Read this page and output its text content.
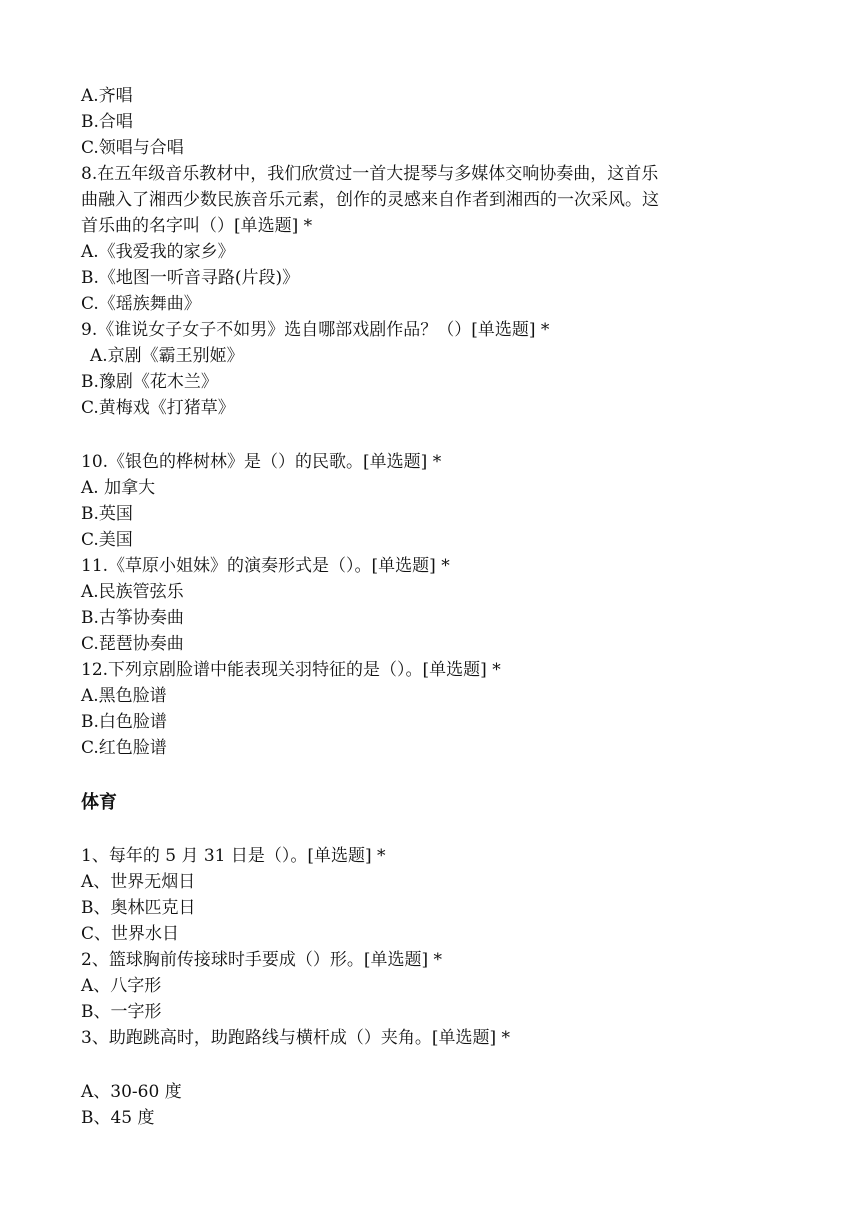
A.齐唱
B.合唱
C.领唱与合唱
8.在五年级音乐教材中，我们欣赏过一首大提琴与多媒体交响协奏曲，这首乐
曲融入了湘西少数民族音乐元素，创作的灵感来自作者到湘西的一次采风。这
首乐曲的名字叫（）[单选题] *
A.《我爱我的家乡》
B.《地图一听音寻路(片段)》
C.《瑶族舞曲》
9.《谁说女子女子不如男》选自哪部戏剧作品？（）[单选题] *
A.京剧《霸王别姬》
B.豫剧《花木兰》
C.黄梅戏《打猪草》
10.《银色的桦树林》是（）的民歌。[单选题] *
A. 加拿大
B.英国
C.美国
11.《草原小姐妹》的演奏形式是（）。[单选题] *
A.民族管弦乐
B.古筝协奏曲
C.琵琶协奏曲
12.下列京剧脸谱中能表现关羽特征的是（）。[单选题] *
A.黑色脸谱
B.白色脸谱
C.红色脸谱
体育
1、每年的 5 月 31 日是（）。[单选题] *
A、世界无烟日
B、奥林匹克日
C、世界水日
2、篮球胸前传接球时手要成（）形。[单选题] *
A、八字形
B、一字形
3、助跑跳高时，助跑路线与横杆成（）夹角。[单选题] *
A、30-60 度
B、45 度
